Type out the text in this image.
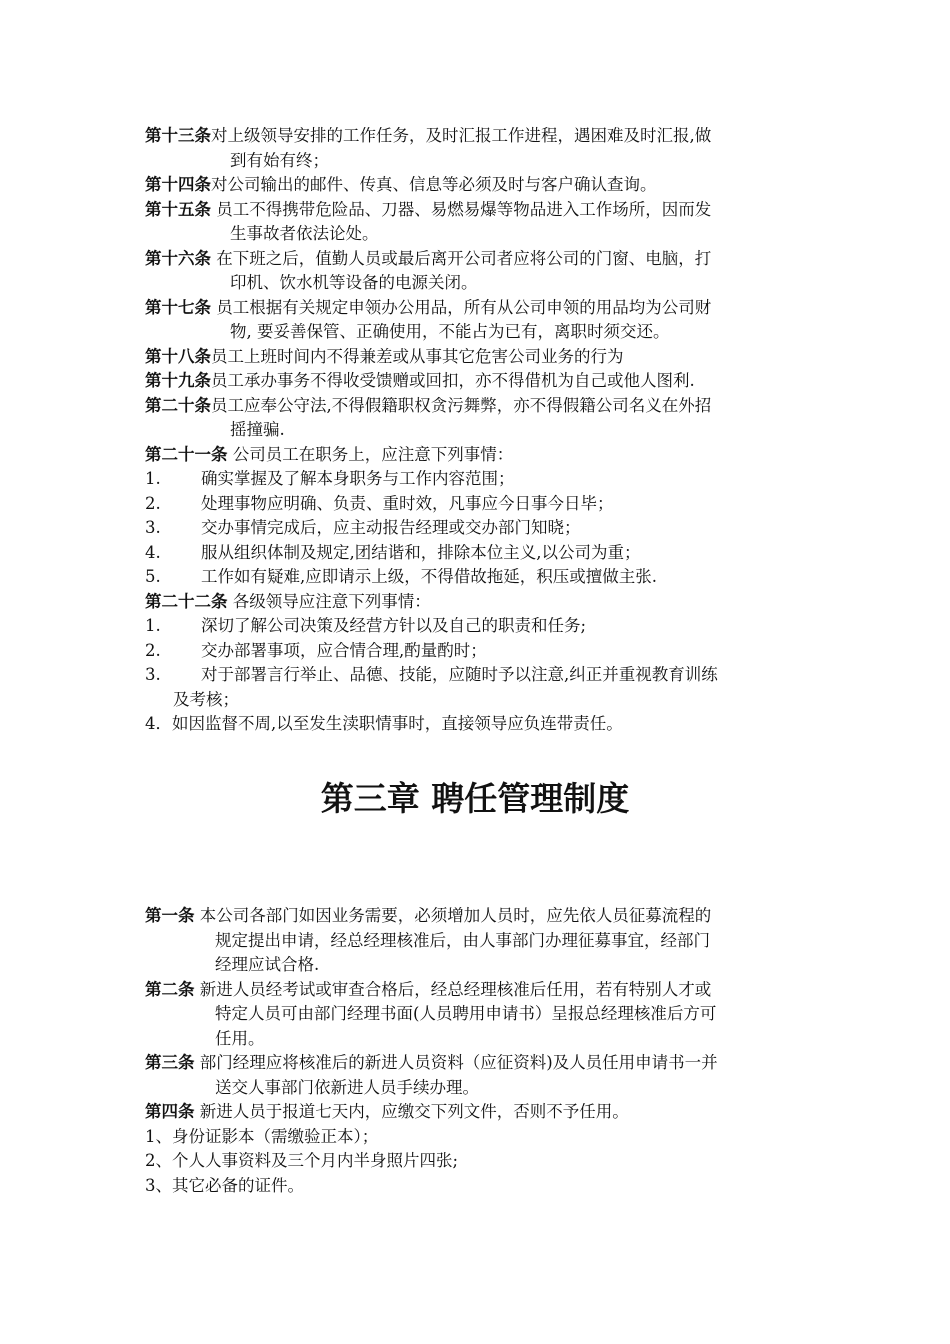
第十三条对上级领导安排的工作任务，及时汇报工作进程，遇困难及时汇报,做
到有始有终；

第十四条对公司输出的邮件、传真、信息等必须及时与客户确认查询。

第十五条 员工不得携带危险品、刀器、易燃易爆等物品进入工作场所，因而发
生事故者依法论处。

第十六条 在下班之后，值勤人员或最后离开公司者应将公司的门窗、电脑，打
印机、饮水机等设备的电源关闭。

第十七条 员工根据有关规定申领办公用品，所有从公司申领的用品均为公司财
物, 要妥善保管、正确使用，不能占为已有，离职时须交还。

第十八条员工上班时间内不得兼差或从事其它危害公司业务的行为

第十九条员工承办事务不得收受馈赠或回扣，亦不得借机为自己或他人图利.

第二十条员工应奉公守法,不得假籍职权贪污舞弊，亦不得假籍公司名义在外招
摇撞骗.

第二十一条 公司员工在职务上，应注意下列事情：

1.	确实掌握及了解本身职务与工作内容范围；
2.	处理事物应明确、负责、重时效，凡事应今日事今日毕；
3.	交办事情完成后，应主动报告经理或交办部门知晓；
4.	服从组织体制及规定,团结谐和，排除本位主义,以公司为重；
5.	工作如有疑难,应即请示上级，不得借故拖延，积压或擅做主张.

第二十二条 各级领导应注意下列事情：

1.	深切了解公司决策及经营方针以及自己的职责和任务;
2.	交办部署事项，应合情合理,酌量酌时；
3.	对于部署言行举止、品德、技能，应随时予以注意,纠正并重视教育训练
及考核；

4．如因监督不周,以至发生渎职情事时，直接领导应负连带责任。

第三章 聘任管理制度

第一条 本公司各部门如因业务需要，必须增加人员时，应先依人员征募流程的
规定提出申请，经总经理核准后，由人事部门办理征募事宜，经部门
经理应试合格.

第二条 新进人员经考试或审查合格后，经总经理核准后任用，若有特别人才或
特定人员可由部门经理书面(人员聘用申请书）呈报总经理核准后方可
任用。

第三条 部门经理应将核准后的新进人员资料（应征资料)及人员任用申请书一并
送交人事部门依新进人员手续办理。

第四条 新进人员于报道七天内，应缴交下列文件，否则不予任用。

1、身份证影本（需缴验正本）；

2、个人人事资料及三个月内半身照片四张;

3、其它必备的证件。
